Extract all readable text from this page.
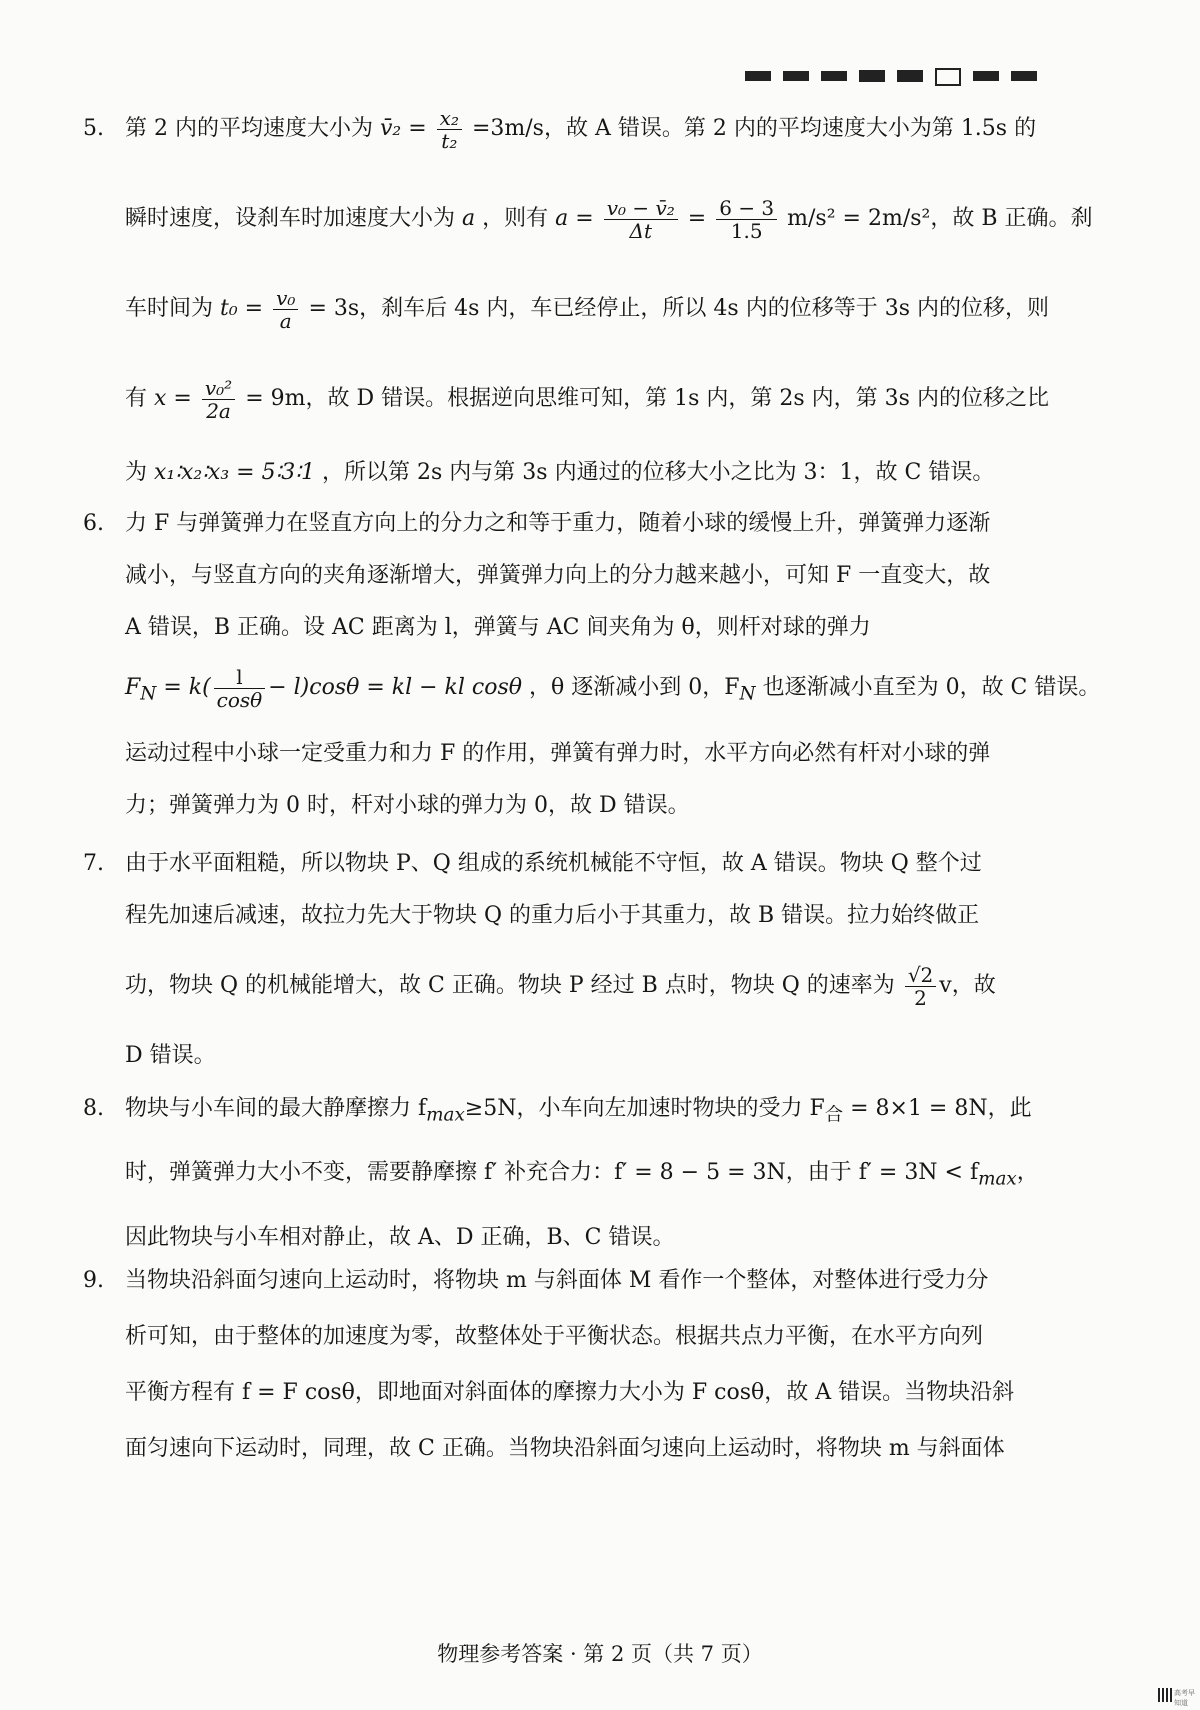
5. 第 2 内的平均速度大小为 v̄₂ = $\frac{\text{x₂}}{\text{t₂}} =3m/s$，故 A 错误。第 2 内的平均速度大小为第 1.5s 的
瞬时速度，设刹车时加速度大小为 a ，则有 $a = \frac{\text{v₀ − v̄₂}}{\Delta t} = \frac{6 - 3}{1.5} m/s^2 = 2m/s^2$，故 B 正确。刹
车时间为 $t_0 = \frac{\text{v₀}}{a} = 3s$，刹车后 4s 内，车已经停止，所以 4s 内的位移等于 3s 内的位移，则
有 $x = \frac{\text{v₀²}}{2a} = 9m$，故 D 错误。根据逆向思维可知，第 1s 内，第 2s 内，第 3s 内的位移之比
为 x₁∶x₂∶x₃ = 5∶3∶1 ，所以第 2s 内与第 3s 内通过的位移大小之比为 3：1，故 C 错误。
6. 力 F 与弹簧弹力在竖直方向上的分力之和等于重力，随着小球的缓慢上升，弹簧弹力逐渐
减小，与竖直方向的夹角逐渐增大，弹簧弹力向上的分力越来越小，可知 F 一直变大，故
A 错误，B 正确。设 AC 距离为 l，弹簧与 AC 间夹角为 θ，则杆对球的弹力
$F_N = k( \frac{l}{\cos\theta} - l)\cos\theta$ = kl − kl cosθ ，θ 逐渐减小到 0，$F_N$ 也逐渐减小直至为 0，故 C 错误。
运动过程中小球一定受重力和力 F 的作用，弹簧有弹力时，水平方向必然有杆对小球的弹
力；弹簧弹力为 0 时，杆对小球的弹力为 0，故 D 错误。
7. 由于水平面粗糙，所以物块 P、Q 组成的系统机械能不守恒，故 A 错误。物块 Q 整个过
程先加速后减速，故拉力先大于物块 Q 的重力后小于其重力，故 B 错误。拉力始终做正
功，物块 Q 的机械能增大，故 C 正确。物块 P 经过 B 点时，物块 Q 的速率为 $\frac{√2}{2}$ v，故
D 错误。
8. 物块与小车间的最大静摩擦力 $f_{max}\ge 5N$，小车向左加速时物块的受力 $F_合 = 8\times 1 = 8N$，此
时，弹簧弹力大小不变，需要静摩擦 f′ 补充合力：f′ = 8 − 5 = 3N，由于 $f' = 3N < f_{max}$，
因此物块与小车相对静止，故 A、D 正确，B、C 错误。
9. 当物块沿斜面匀速向上运动时，将物块 m 与斜面体 M 看作一个整体，对整体进行受力分
析可知，由于整体的加速度为零，故整体处于平衡状态。根据共点力平衡，在水平方向列
平衡方程有 f = F cosθ，即地面对斜面体的摩擦力大小为 F cosθ，故 A 错误。当物块沿斜
面匀速向下运动时，同理，故 C 正确。当物块沿斜面匀速向上运动时，将物块 m 与斜面体
物理参考答案 · 第 2 页（共 7 页）
高考早知道
